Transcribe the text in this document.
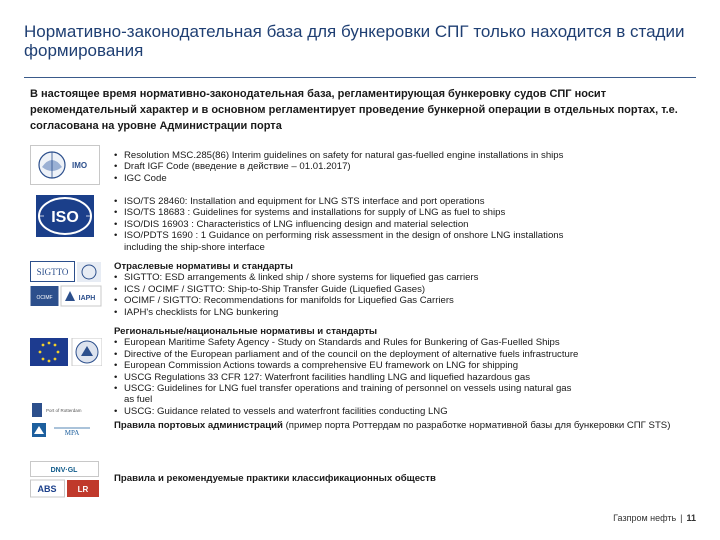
Нормативно-законодательная база для бункеровки СПГ только находится в стадии формирования
В настоящее время нормативно-законодательная база, регламентирующая бункеровку судов СПГ носит рекомендательный характер и в основном регламентирует проведение бункерной операции в отдельных портах, т.е. согласована на уровне Администрации порта
IMO
• Resolution MSC.285(86) Interim guidelines on safety for natural gas-fuelled engine installations in ships
• Draft IGF Code (введение в действие – 01.01.2017)
• IGC Code
ISO
• ISO/TS 28460: Installation and equipment for LNG STS interface and port operations
• ISO/TS 18683 : Guidelines for systems and installations for supply of LNG as fuel to ships
• ISO/DIS 16903 : Characteristics of LNG influencing design and material selection
• ISO/PDTS 1690 : 1 Guidance on performing risk assessment in the design of onshore LNG installations
including the ship-shore interface
SIGTTO
OCIMF	IAPH
Отраслевые нормативы и стандарты
• SIGTTO: ESD arrangements & linked ship / shore systems for liquefied gas carriers
• ICS / OCIMF / SIGTTO: Ship-to-Ship Transfer Guide (Liquefied Gases)
• OCIMF / SIGTTO: Recommendations for manifolds for Liquefied Gas Carriers
• IAPH's checklists for LNG bunkering
Региональные/национальные нормативы и стандарты
• European Maritime Safety Agency - Study on Standards and Rules for Bunkering of Gas-Fuelled Ships
• Directive of the European parliament and of the council on the deployment of alternative fuels infrastructure
• European Commission Actions towards a comprehensive EU framework on LNG for shipping
• USCG Regulations 33 CFR 127: Waterfront facilities handling LNG and liquefied hazardous gas
• USCG: Guidelines for LNG fuel transfer operations and training of personnel on vessels using natural gas
as fuel
• USCG: Guidance related to vessels and waterfront facilities conducting LNG
Port of Rotterdam
MPA
Правила портовых администраций (пример порта Роттердам по разработке нормативной базы для бункеровки СПГ STS)
DNV·GL
ABS	LR
Правила и рекомендуемые практики классификационных обществ
Газпром нефть | 11
